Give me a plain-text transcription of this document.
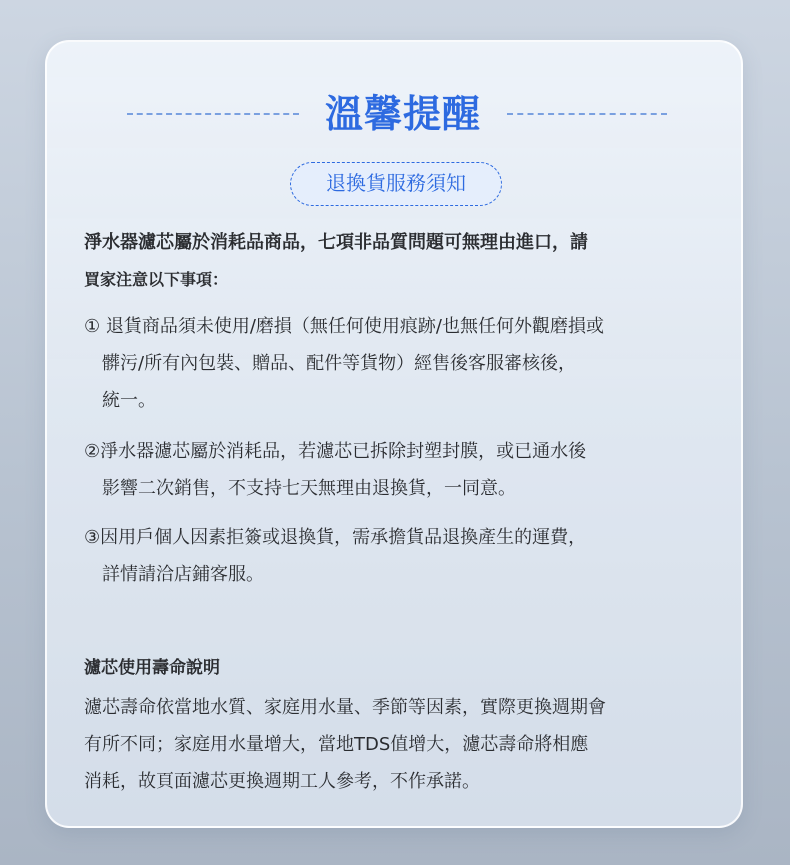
溫馨提醒
退換貨服務須知

淨水器濾芯屬於消耗品商品，七項非品質問題可無理由進口，請
買家注意以下事項：

① 退貨商品須未使用/磨損（無任何使用痕跡/也無任何外觀磨損或
髒污/所有內包裝、贈品、配件等貨物）經售後客服審核後，
統一。

②淨水器濾芯屬於消耗品，若濾芯已拆除封塑封膜，或已通水後
影響二次銷售，不支持七天無理由退換貨，一同意。

③因用戶個人因素拒簽或退換貨，需承擔貨品退換產生的運費，
詳情請洽店鋪客服。

濾芯使用壽命說明

濾芯壽命依當地水質、家庭用水量、季節等因素，實際更換週期會
有所不同；家庭用水量增大，當地TDS值增大，濾芯壽命將相應
消耗，故頁面濾芯更換週期工人參考，不作承諾。
